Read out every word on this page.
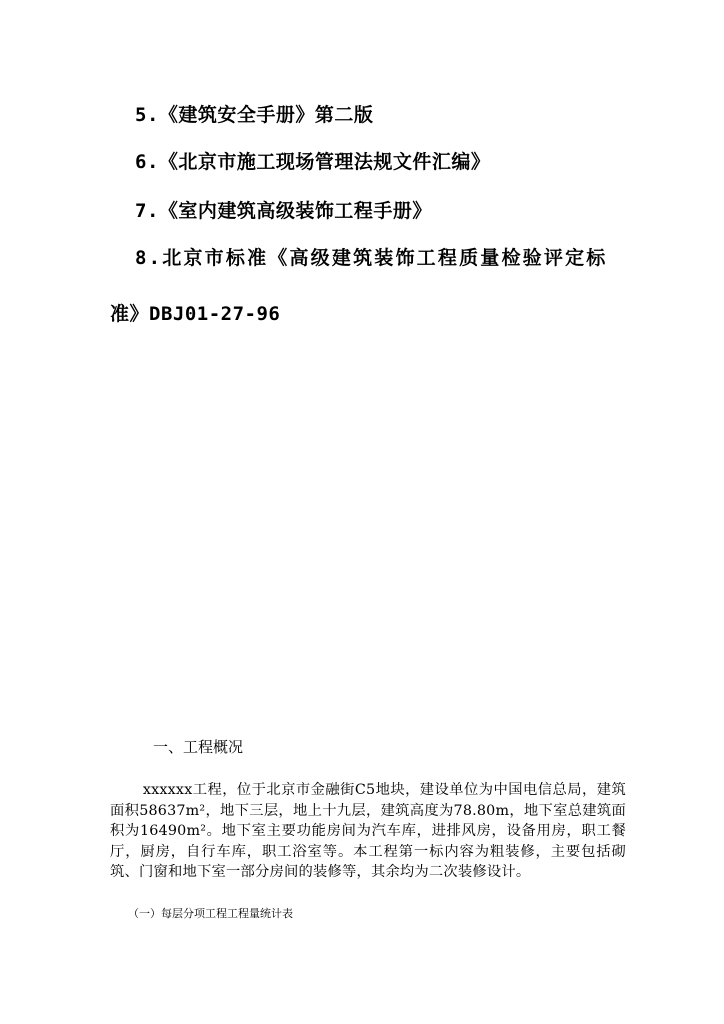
5.《建筑安全手册》第二版
6.《北京市施工现场管理法规文件汇编》
7.《室内建筑高级装饰工程手册》
8.北京市标准《高级建筑装饰工程质量检验评定标
准》DBJ01-27-96
一、工程概况

xxxxxx工程，位于北京市金融街C5地块，建设单位为中国电信总局，建筑面积58637m²，地下三层，地上十九层，建筑高度为78.80m，地下室总建筑面积为16490m²。地下室主要功能房间为汽车库，进排风房，设备用房，职工餐厅，厨房，自行车库，职工浴室等。本工程第一标内容为粗装修，主要包括砌筑、门窗和地下室一部分房间的装修等，其余均为二次装修设计。

（一）每层分项工程工程量统计表
